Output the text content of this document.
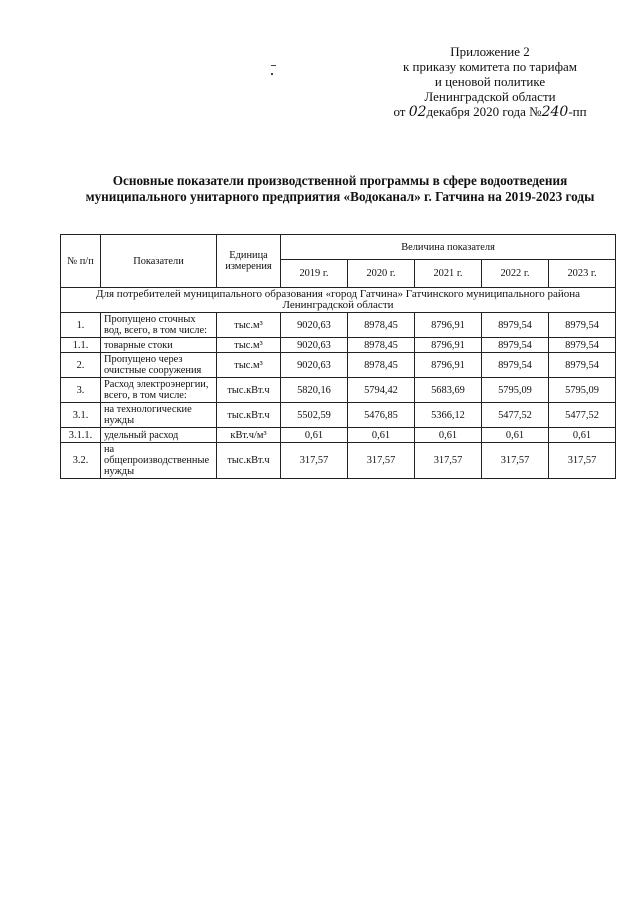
Приложение 2
к приказу комитета по тарифам
и ценовой политике
Ленинградской области
от 02декабря 2020 года №240-пп
Основные показатели производственной программы в сфере водоотведения
муниципального унитарного предприятия «Водоканал» г. Гатчина на 2019-2023 годы
№ п/п	Показатели	Единица измерения	Величина показателя				
			2019 г.	2020 г.	2021 г.	2022 г.	2023 г.
Для потребителей муниципального образования «город Гатчина» Гатчинского муниципального района Ленинградской области							
1.	Пропущено сточных вод, всего, в том числе:	тыс.м³	9020,63	8978,45	8796,91	8979,54	8979,54
1.1.	товарные стоки	тыс.м³	9020,63	8978,45	8796,91	8979,54	8979,54
2.	Пропущено через очистные сооружения	тыс.м³	9020,63	8978,45	8796,91	8979,54	8979,54
3.	Расход электроэнергии, всего, в том числе:	тыс.кВт.ч	5820,16	5794,42	5683,69	5795,09	5795,09
3.1.	на технологические нужды	тыс.кВт.ч	5502,59	5476,85	5366,12	5477,52	5477,52
3.1.1.	удельный расход	кВт.ч/м³	0,61	0,61	0,61	0,61	0,61
3.2.	на общепроизводственные нужды	тыс.кВт.ч	317,57	317,57	317,57	317,57	317,57
